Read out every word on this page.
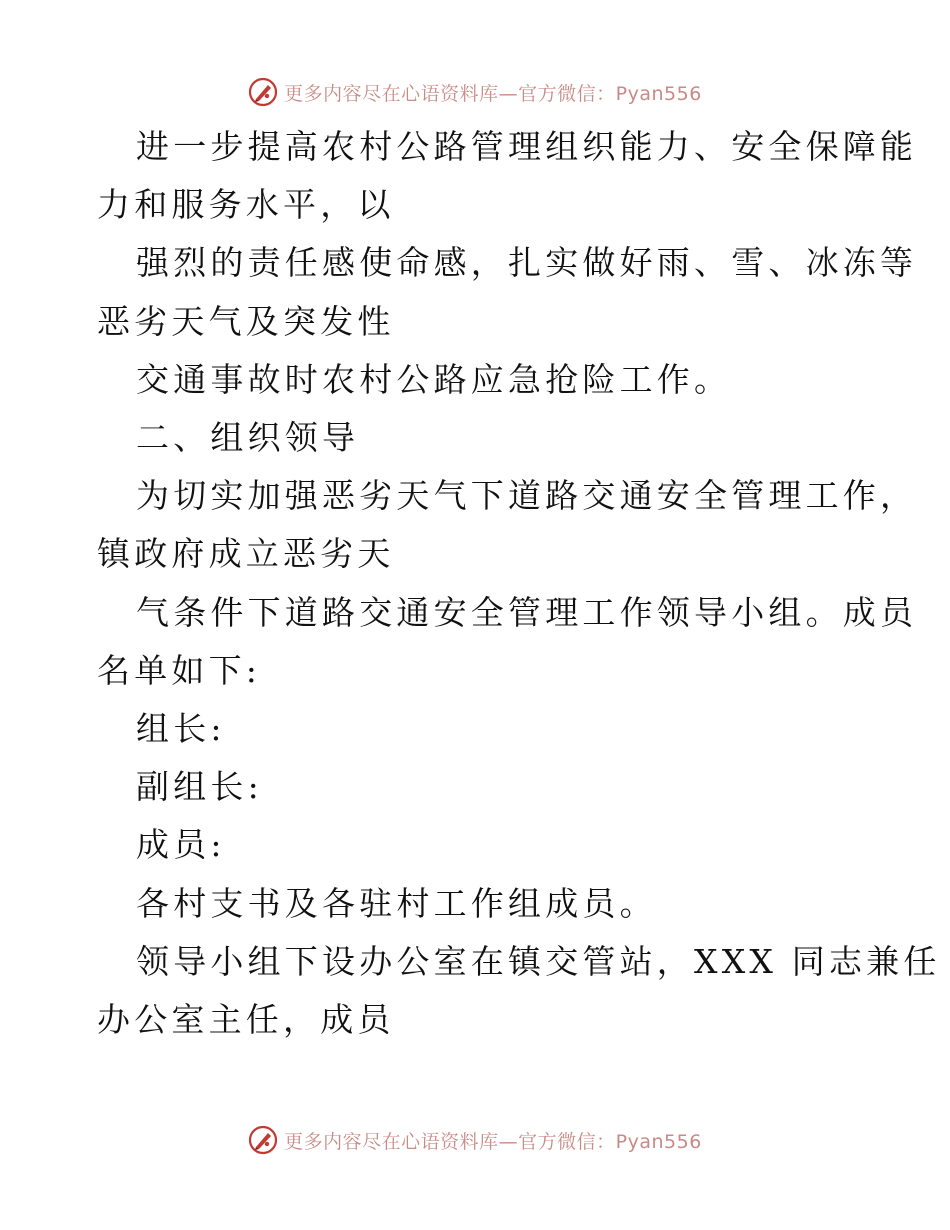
更多内容尽在心语资料库—官方微信：Pyan556
进一步提高农村公路管理组织能力、安全保障能
力和服务水平，以
强烈的责任感使命感，扎实做好雨、雪、冰冻等
恶劣天气及突发性
交通事故时农村公路应急抢险工作。
二、组织领导
为切实加强恶劣天气下道路交通安全管理工作，
镇政府成立恶劣天
气条件下道路交通安全管理工作领导小组。成员
名单如下:
组长:
副组长:
成员:
各村支书及各驻村工作组成员。
领导小组下设办公室在镇交管站，XXX 同志兼任
办公室主任，成员
更多内容尽在心语资料库—官方微信：Pyan556
